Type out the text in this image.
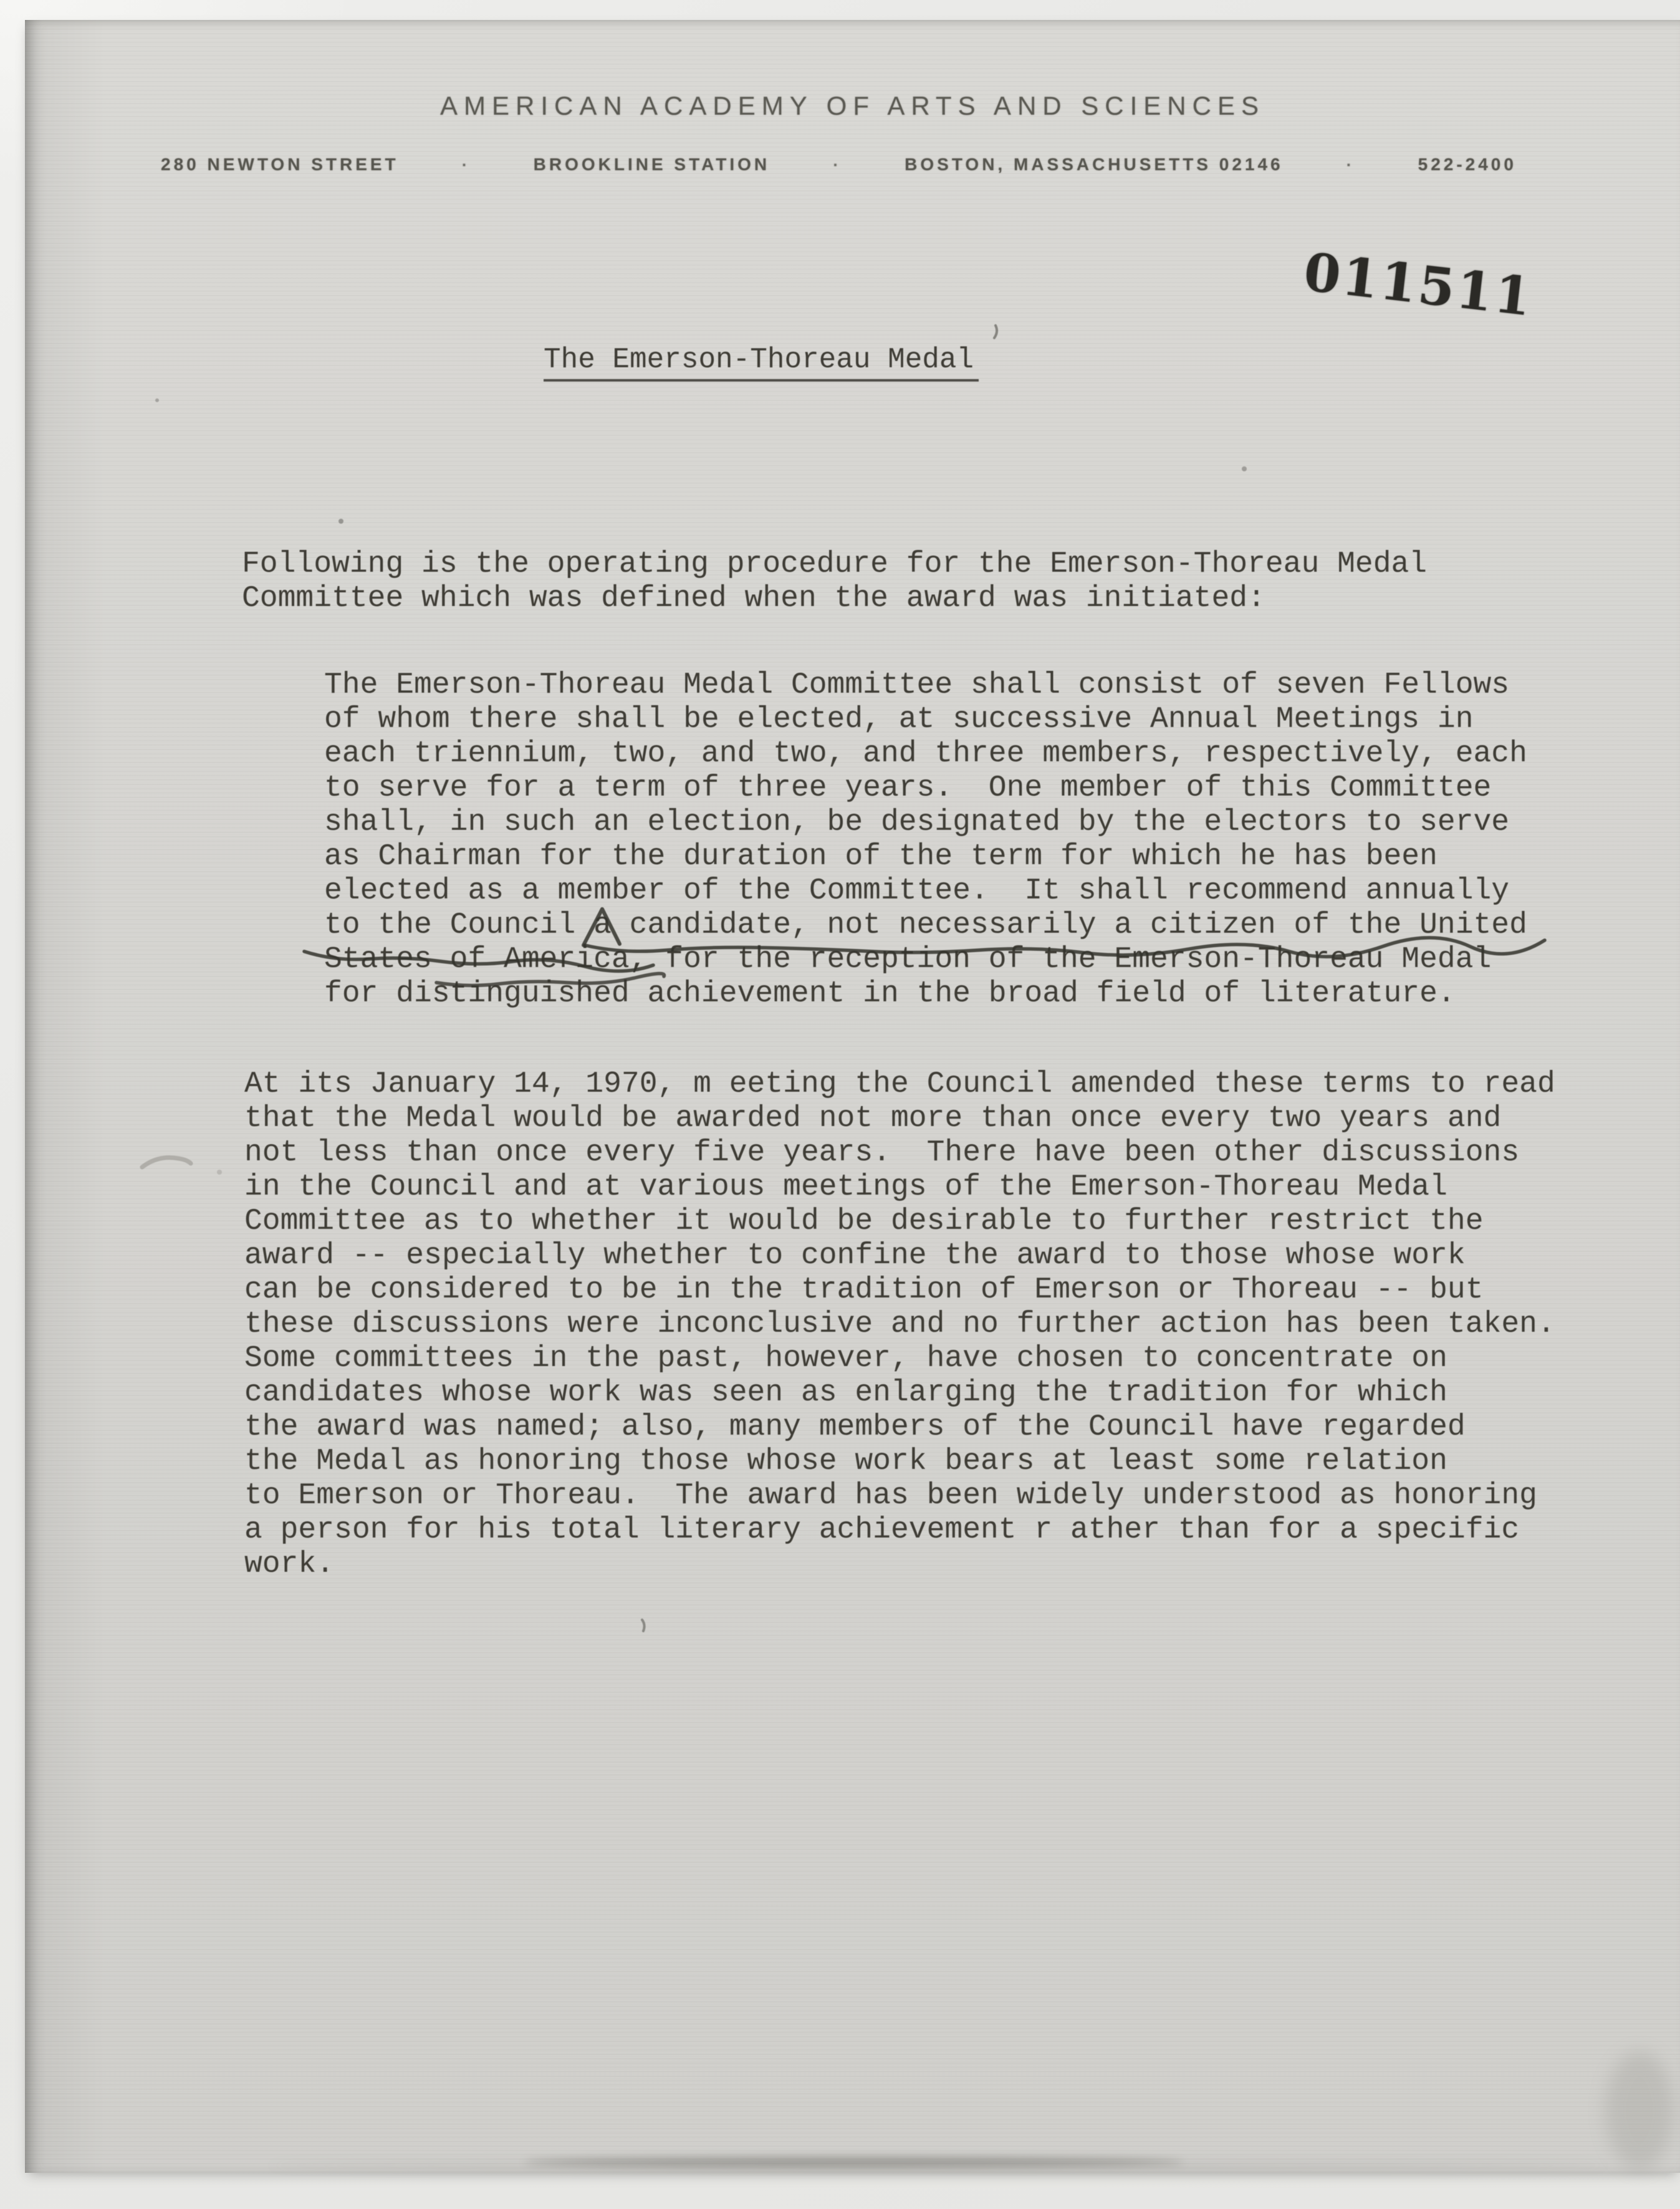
AMERICAN ACADEMY OF ARTS AND SCIENCES
280 NEWTON STREET	·	BROOKLINE STATION	·	BOSTON, MASSACHUSETTS 02146	·	522-2400
011511
The Emerson-Thoreau Medal
Following is the operating procedure for the Emerson-Thoreau Medal
Committee which was defined when the award was initiated:
The Emerson-Thoreau Medal Committee shall consist of seven Fellows
of whom there shall be elected, at successive Annual Meetings in
each triennium, two, and two, and three members, respectively, each
to serve for a term of three years.  One member of this Committee
shall, in such an election, be designated by the electors to serve
as Chairman for the duration of the term for which he has been
elected as a member of the Committee.  It shall recommend annually
to the Council a candidate, not necessarily a citizen of the United
States of America, for the reception of the Emerson-Thoreau Medal
for distinguished achievement in the broad field of literature.
At its January 14, 1970, m eeting the Council amended these terms to read
that the Medal would be awarded not more than once every two years and
not less than once every five years.  There have been other discussions
in the Council and at various meetings of the Emerson-Thoreau Medal
Committee as to whether it would be desirable to further restrict the
award -- especially whether to confine the award to those whose work
can be considered to be in the tradition of Emerson or Thoreau -- but
these discussions were inconclusive and no further action has been taken.
Some committees in the past, however, have chosen to concentrate on
candidates whose work was seen as enlarging the tradition for which
the award was named; also, many members of the Council have regarded
the Medal as honoring those whose work bears at least some relation
to Emerson or Thoreau.  The award has been widely understood as honoring
a person for his total literary achievement r ather than for a specific
work.
